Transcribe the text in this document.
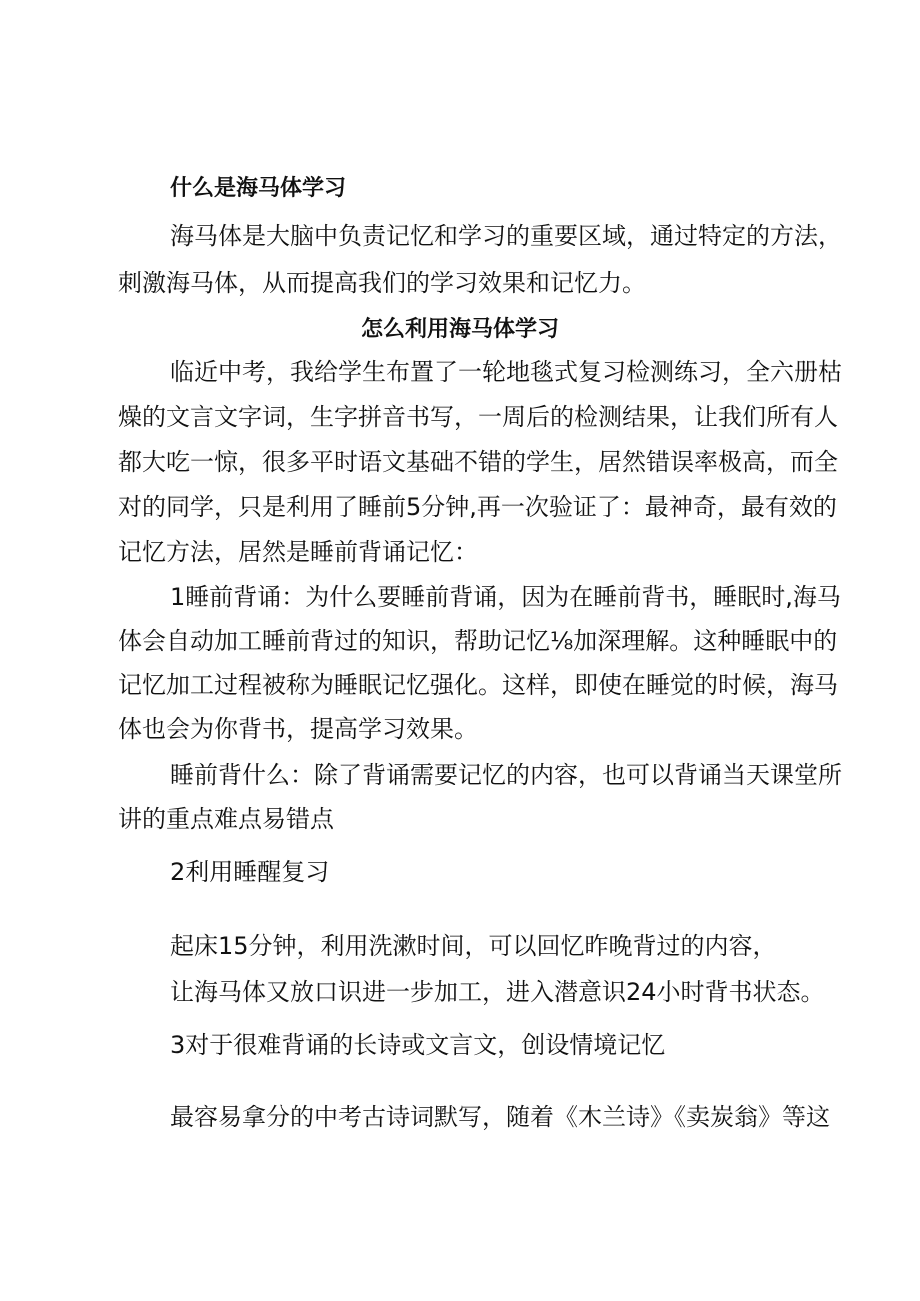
什么是海马体学习
海马体是大脑中负责记忆和学习的重要区域，通过特定的方法，
刺激海马体，从而提高我们的学习效果和记忆力。
怎么利用海马体学习
临近中考，我给学生布置了一轮地毯式复习检测练习，全六册枯
燥的文言文字词，生字拼音书写，一周后的检测结果，让我们所有人
都大吃一惊，很多平时语文基础不错的学生，居然错误率极高，而全
对的同学，只是利用了睡前5分钟,再一次验证了：最神奇，最有效的
记忆方法，居然是睡前背诵记忆：
1睡前背诵：为什么要睡前背诵，因为在睡前背书，睡眠时,海马
体会自动加工睡前背过的知识，帮助记忆⅛加深理解。这种睡眠中的
记忆加工过程被称为睡眠记忆强化。这样，即使在睡觉的时候，海马
体也会为你背书，提高学习效果。
睡前背什么：除了背诵需要记忆的内容，也可以背诵当天课堂所
讲的重点难点易错点
2利用睡醒复习
起床15分钟，利用洗漱时间，可以回忆昨晚背过的内容，
让海马体又放口识进一步加工，进入潜意识24小时背书状态。
3对于很难背诵的长诗或文言文，创设情境记忆
最容易拿分的中考古诗词默写，随着《木兰诗》《卖炭翁》等这
